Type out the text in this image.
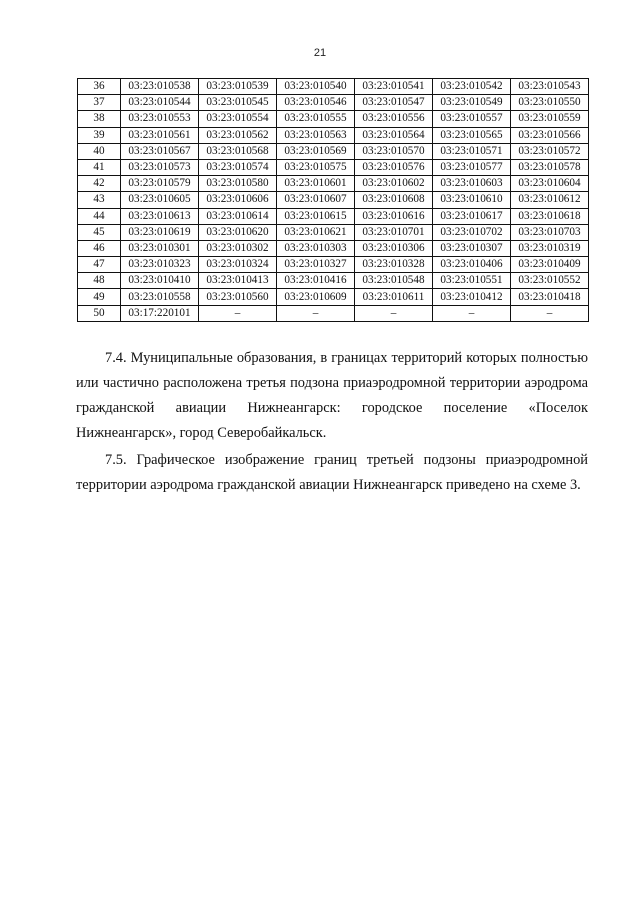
21
36	03:23:010538	03:23:010539	03:23:010540	03:23:010541	03:23:010542	03:23:010543
37	03:23:010544	03:23:010545	03:23:010546	03:23:010547	03:23:010549	03:23:010550
38	03:23:010553	03:23:010554	03:23:010555	03:23:010556	03:23:010557	03:23:010559
39	03:23:010561	03:23:010562	03:23:010563	03:23:010564	03:23:010565	03:23:010566
40	03:23:010567	03:23:010568	03:23:010569	03:23:010570	03:23:010571	03:23:010572
41	03:23:010573	03:23:010574	03:23:010575	03:23:010576	03:23:010577	03:23:010578
42	03:23:010579	03:23:010580	03:23:010601	03:23:010602	03:23:010603	03:23:010604
43	03:23:010605	03:23:010606	03:23:010607	03:23:010608	03:23:010610	03:23:010612
44	03:23:010613	03:23:010614	03:23:010615	03:23:010616	03:23:010617	03:23:010618
45	03:23:010619	03:23:010620	03:23:010621	03:23:010701	03:23:010702	03:23:010703
46	03:23:010301	03:23:010302	03:23:010303	03:23:010306	03:23:010307	03:23:010319
47	03:23:010323	03:23:010324	03:23:010327	03:23:010328	03:23:010406	03:23:010409
48	03:23:010410	03:23:010413	03:23:010416	03:23:010548	03:23:010551	03:23:010552
49	03:23:010558	03:23:010560	03:23:010609	03:23:010611	03:23:010412	03:23:010418
50	03:17:220101	–	–	–	–	–
7.4. Муниципальные образования, в границах территорий которых полностью
или частично расположена третья подзона приаэродромной территории аэродрома
гражданской авиации Нижнеангарск: городское поселение «Поселок
Нижнеангарск», город Северобайкальск.
7.5. Графическое изображение границ третьей подзоны приаэродромной
территории аэродрома гражданской авиации Нижнеангарск приведено на схеме 3.
